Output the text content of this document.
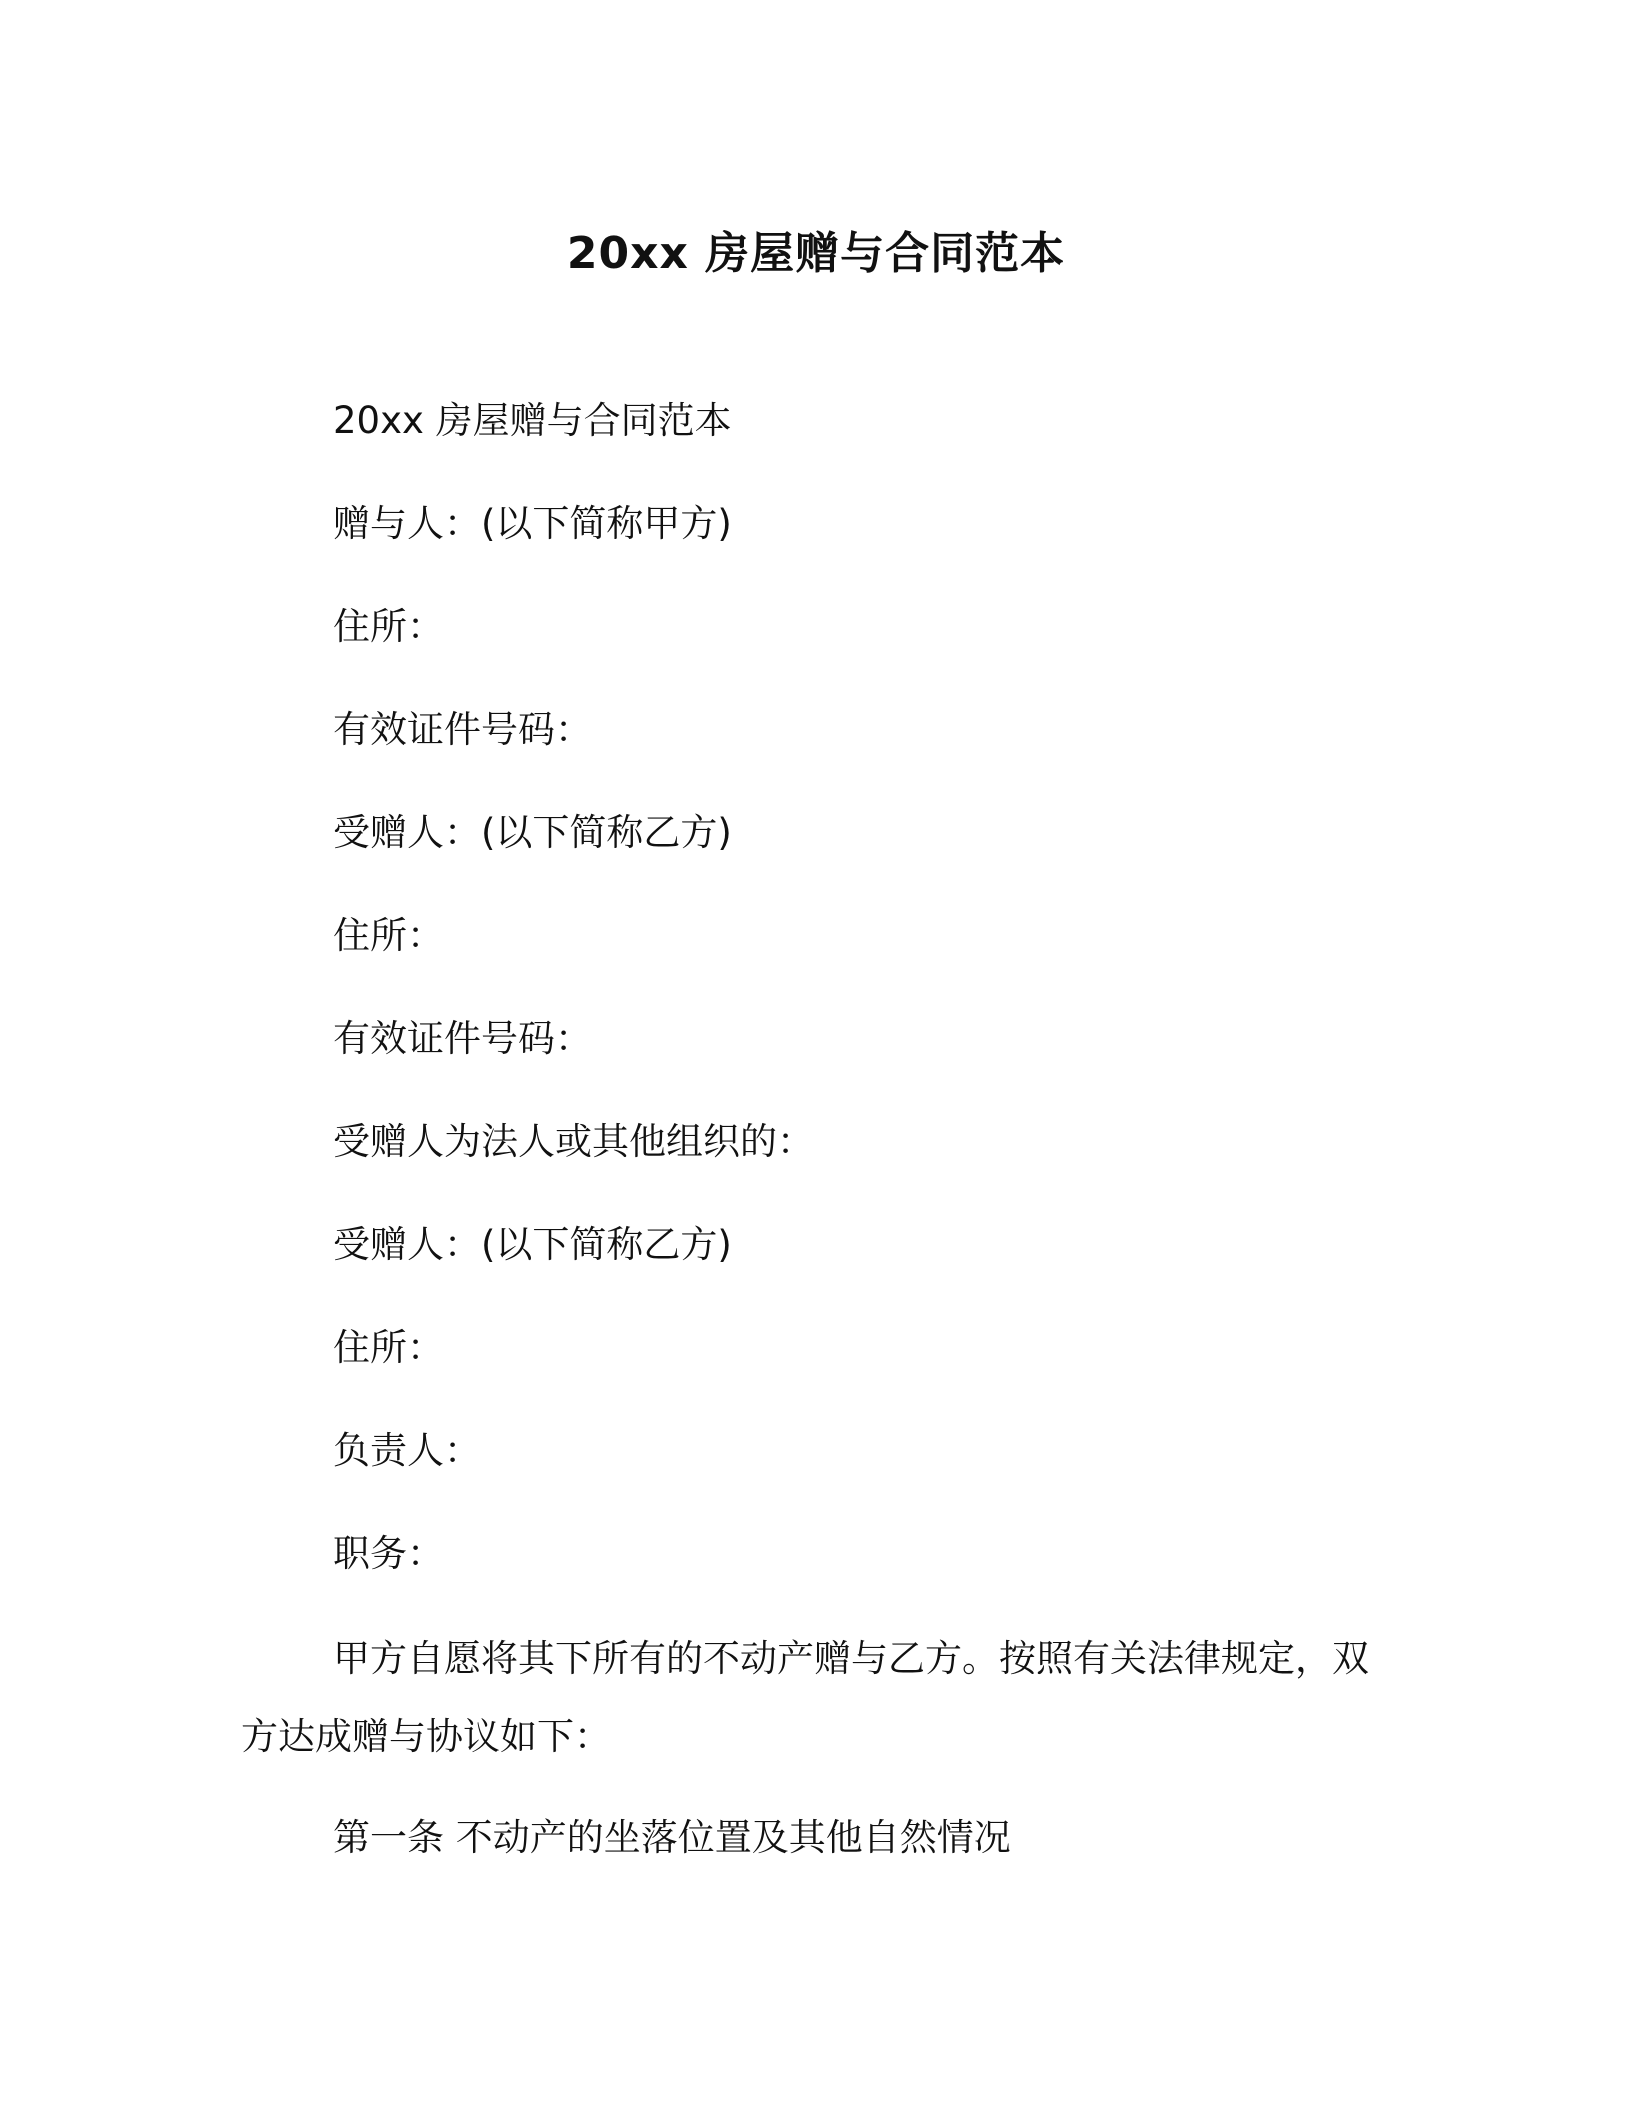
20xx 房屋赠与合同范本

20xx 房屋赠与合同范本

赠与人：(以下简称甲方)

住所：

有效证件号码：

受赠人：(以下简称乙方)

住所：

有效证件号码：

受赠人为法人或其他组织的：

受赠人：(以下简称乙方)

住所：

负责人：

职务：

甲方自愿将其下所有的不动产赠与乙方。按照有关法律规定，双方达成赠与协议如下：

第一条 不动产的坐落位置及其他自然情况
